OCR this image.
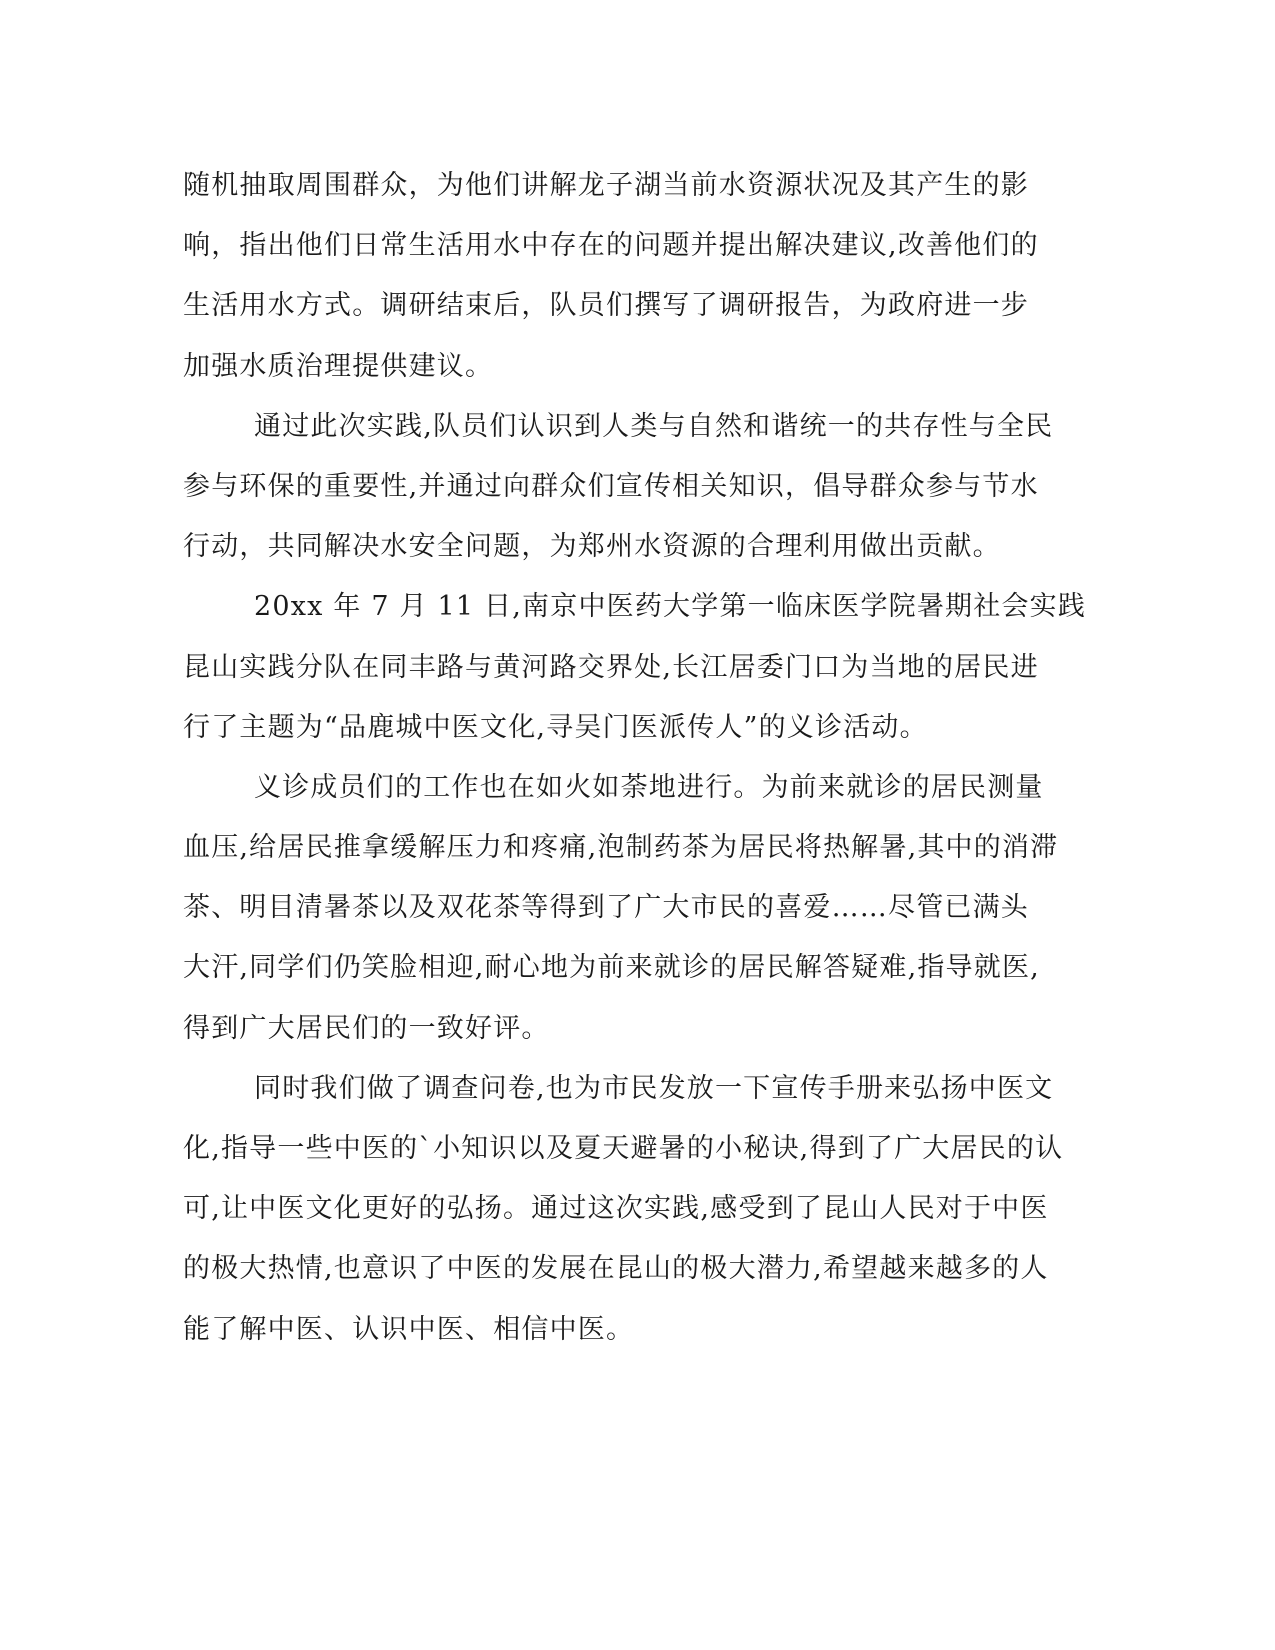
随机抽取周围群众，为他们讲解龙子湖当前水资源状况及其产生的影
响，指出他们日常生活用水中存在的问题并提出解决建议,改善他们的
生活用水方式。调研结束后，队员们撰写了调研报告，为政府进一步
加强水质治理提供建议。

通过此次实践,队员们认识到人类与自然和谐统一的共存性与全民
参与环保的重要性,并通过向群众们宣传相关知识，倡导群众参与节水
行动，共同解决水安全问题，为郑州水资源的合理利用做出贡献。

20xx 年 7 月 11 日,南京中医药大学第一临床医学院暑期社会实践
昆山实践分队在同丰路与黄河路交界处,长江居委门口为当地的居民进
行了主题为“品鹿城中医文化,寻吴门医派传人”的义诊活动。

义诊成员们的工作也在如火如荼地进行。为前来就诊的居民测量
血压,给居民推拿缓解压力和疼痛,泡制药茶为居民将热解暑,其中的消滞
茶、明目清暑茶以及双花茶等得到了广大市民的喜爱……尽管已满头
大汗,同学们仍笑脸相迎,耐心地为前来就诊的居民解答疑难,指导就医,
得到广大居民们的一致好评。

同时我们做了调查问卷,也为市民发放一下宣传手册来弘扬中医文
化,指导一些中医的`小知识以及夏天避暑的小秘诀,得到了广大居民的认
可,让中医文化更好的弘扬。通过这次实践,感受到了昆山人民对于中医
的极大热情,也意识了中医的发展在昆山的极大潜力,希望越来越多的人
能了解中医、认识中医、相信中医。
